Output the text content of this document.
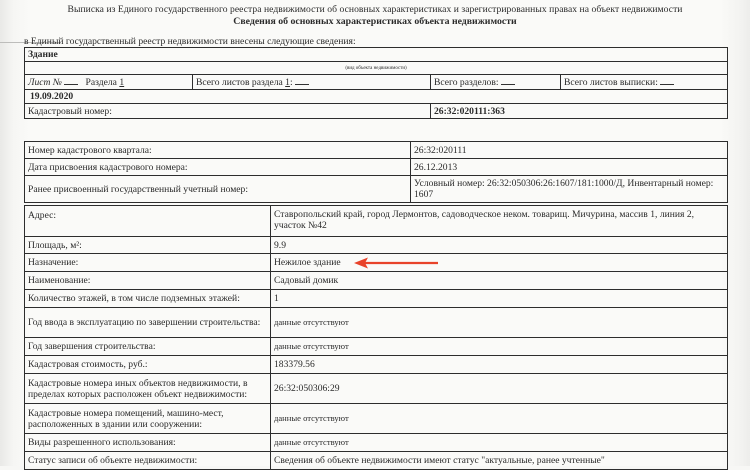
Выписка из Единого государственного реестра недвижимости об основных характеристиках и зарегистрированных правах на объект недвижимости
Сведения об основных характеристиках объекта недвижимости
в Единый государственный реестр недвижимости внесены следующие сведения:
Здание			
(вид объекта недвижимости)			
Лист № Раздела 1	Всего листов раздела 1:	Всего разделов:	Всего листов выписки:
19.09.2020			
Кадастровый номер:		26:32:020111:363	
Номер кадастрового квартала:	26:32:020111
Дата присвоения кадастрового номера:	26.12.2013
Ранее присвоенный государственный учетный номер:	Условный номер: 26:32:050306:26:1607/181:1000/Д, Инвентарный номер: 1607
Адрес:	Ставропольский край, город Лермонтов, садоводческое неком. товарищ. Мичурина, массив 1, линия 2, участок №42
Площадь, м²:	9.9
Назначение:	Нежилое здание
Наименование:	Садовый домик
Количество этажей, в том числе подземных этажей:	1
Год ввода в эксплуатацию по завершении строительства:	данные отсутствуют
Год завершения строительства:	данные отсутствуют
Кадастровая стоимость, руб.:	183379.56
Кадастровые номера иных объектов недвижимости, в пределах которых расположен объект недвижимости:	26:32:050306:29
Кадастровые номера помещений, машино-мест, расположенных в здании или сооружении:	данные отсутствуют
Виды разрешенного использования:	данные отсутствуют
Статус записи об объекте недвижимости:	Сведения об объекте недвижимости имеют статус "актуальные, ранее учтенные"
